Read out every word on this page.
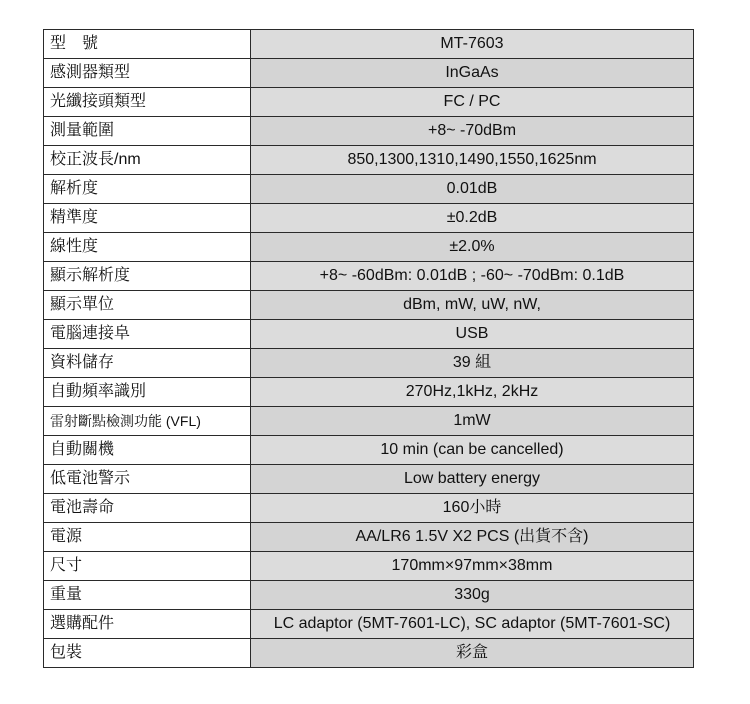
型　號	MT-7603
感測器類型	InGaAs
光纖接頭類型	FC / PC
測量範圍	+8~ -70dBm
校正波長/nm	850,1300,1310,1490,1550,1625nm
解析度	0.01dB
精準度	±0.2dB
線性度	±2.0%
顯示解析度	+8~ -60dBm: 0.01dB ; -60~ -70dBm: 0.1dB
顯示單位	dBm, mW, uW, nW,
電腦連接阜	USB
資料儲存	39 組
自動頻率識別	270Hz,1kHz, 2kHz
雷射斷點檢測功能 (VFL)	1mW
自動關機	10 min (can be cancelled)
低電池警示	Low battery energy
電池壽命	160小時
電源	AA/LR6 1.5V X2 PCS (出貨不含)
尺寸	170mm×97mm×38mm
重量	330g
選購配件	LC adaptor (5MT-7601-LC), SC adaptor (5MT-7601-SC)
包裝	彩盒
